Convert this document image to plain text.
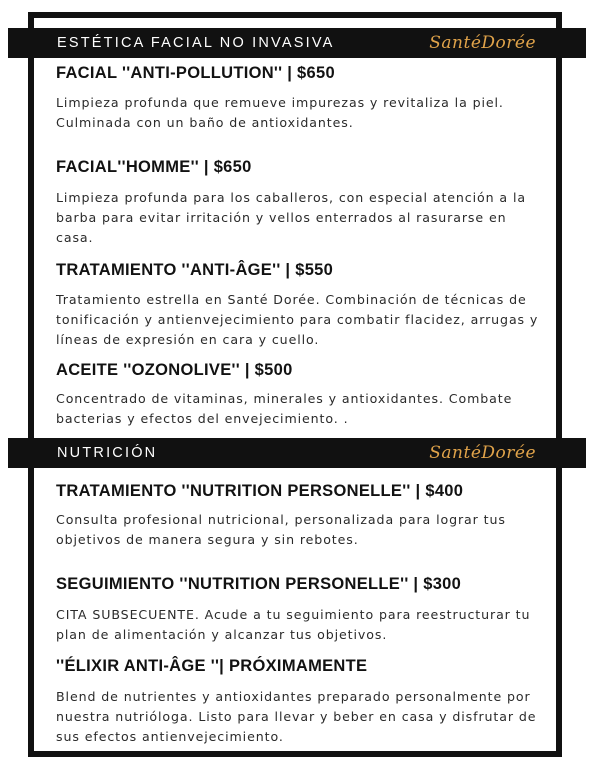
ESTÉTICA FACIAL NO INVASIVA	SantéDorée
FACIAL ''ANTI-POLLUTION'' | $650

Limpieza profunda que remueve impurezas y revitaliza la piel. Culminada con un baño de antioxidantes.

FACIAL''HOMME'' | $650

Limpieza profunda para los caballeros, con especial atención a la barba para evitar irritación y vellos enterrados al rasurarse en casa.

TRATAMIENTO ''ANTI-ÂGE'' | $550

Tratamiento estrella en Santé Dorée. Combinación de técnicas de tonificación y antienvejecimiento para combatir flacidez, arrugas y líneas de expresión en cara y cuello.

ACEITE ''OZONOLIVE'' | $500

Concentrado de vitaminas, minerales y antioxidantes. Combate bacterias y efectos del envejecimiento. .

NUTRICIÓN	SantéDorée
TRATAMIENTO ''NUTRITION PERSONELLE'' | $400

Consulta profesional nutricional, personalizada para lograr tus objetivos de manera segura y sin rebotes.

SEGUIMIENTO ''NUTRITION PERSONELLE'' | $300

CITA SUBSECUENTE. Acude a tu seguimiento para reestructurar tu plan de alimentación y alcanzar tus objetivos.

''ÉLIXIR ANTI-ÂGE ''| PRÓXIMAMENTE

Blend de nutrientes y antioxidantes preparado personalmente por nuestra nutrióloga. Listo para llevar y beber en casa y disfrutar de sus efectos antienvejecimiento.
